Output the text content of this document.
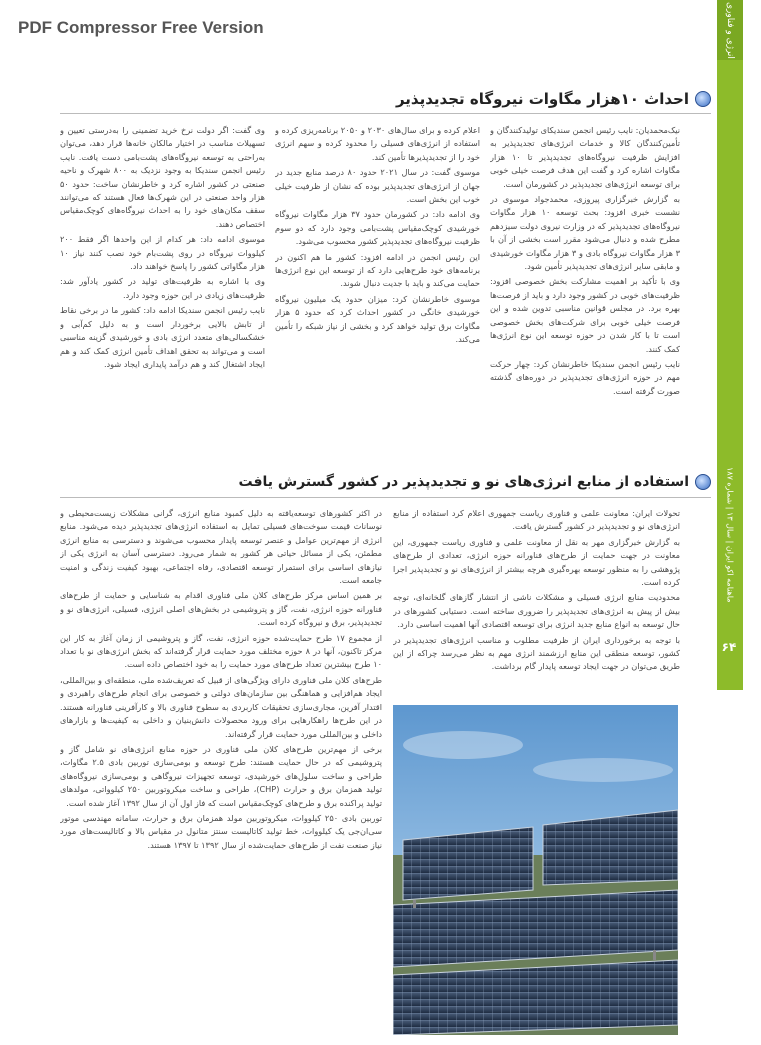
PDF Compressor Free Version	انرژی و فناوری
ماهنامه اکو ایران | سال ۱۳ | شماره ۱۸۷
۶۴
احداث ۱۰هزار مگاوات نیروگاه تجدیدپذیر

نیک‌محمدیان: نایب رئیس انجمن سندیکای تولیدکنندگان و تأمین‌کنندگان کالا و خدمات انرژی‌های تجدیدپذیر به افزایش ظرفیت نیروگاه‌های تجدیدپذیر تا ۱۰ هزار مگاوات اشاره کرد و گفت این هدف فرصت خیلی خوبی برای توسعه انرژی‌های تجدیدپذیر در کشورمان است.

به گزارش خبرگزاری پیروزی، محمدجواد موسوی در نشست خبری افزود: بحث توسعه ۱۰ هزار مگاوات نیروگاه‌های تجدیدپذیر که در وزارت نیروی دولت سیزدهم مطرح شده و دنبال می‌شود مقرر است بخشی از آن با ۳ هزار مگاوات نیروگاه بادی و ۳ هزار مگاوات خورشیدی و مابقی سایر انرژی‌های تجدیدپذیر تأمین شود.

وی با تأکید بر اهمیت مشارکت بخش خصوصی افزود: ظرفیت‌های خوبی در کشور وجود دارد و باید از فرصت‌ها بهره برد. در مجلس قوانین مناسبی تدوین شده و این فرصت خیلی خوبی برای شرکت‌های بخش خصوصی است تا با کار شدن در حوزه توسعه این نوع انرژی‌ها کمک کنند.

نایب رئیس انجمن سندیکا خاطرنشان کرد: چهار حرکت مهم در حوزه انرژی‌های تجدیدپذیر در دوره‌های گذشته صورت گرفته است.

اعلام کرده و برای سال‌های ۲۰۳۰ و ۲۰۵۰ برنامه‌ریزی کرده و استفاده از انرژی‌های فسیلی را محدود کرده و سهم انرژی خود را از تجدیدپذیرها تأمین کند.

موسوی گفت: در سال ۲۰۲۱ حدود ۸۰ درصد منابع جدید در جهان از انرژی‌های تجدیدپذیر بوده که نشان از ظرفیت خیلی خوب این بخش است.

وی ادامه داد: در کشورمان حدود ۳۷ هزار مگاوات نیروگاه خورشیدی کوچک‌مقیاس پشت‌بامی وجود دارد که دو سوم ظرفیت نیروگاه‌های تجدیدپذیر کشور محسوب می‌شود.

این رئیس انجمن در ادامه افزود: کشور ما هم اکنون در برنامه‌های خود طرح‌هایی دارد که از توسعه این نوع انرژی‌ها حمایت می‌کند و باید با جدیت دنبال شوند.

موسوی خاطرنشان کرد: میزان حدود یک میلیون نیروگاه خورشیدی خانگی در کشور احداث کرد که حدود ۵ هزار مگاوات برق تولید خواهد کرد و بخشی از نیاز شبکه را تأمین می‌کند.

وی گفت: اگر دولت نرخ خرید تضمینی را به‌درستی تعیین و تسهیلات مناسب در اختیار مالکان خانه‌ها قرار دهد، می‌توان به‌راحتی به توسعه نیروگاه‌های پشت‌بامی دست یافت. نایب رئیس انجمن سندیکا به وجود نزدیک به ۸۰۰ شهرک و ناحیه صنعتی در کشور اشاره کرد و خاطرنشان ساخت: حدود ۵۰ هزار واحد صنعتی در این شهرک‌ها فعال هستند که می‌توانند سقف مکان‌های خود را به احداث نیروگاه‌های کوچک‌مقیاس اختصاص دهند.

موسوی ادامه داد: هر کدام از این واحدها اگر فقط ۲۰۰ کیلووات نیروگاه در روی پشت‌بام خود نصب کنند نیاز ۱۰ هزار مگاواتی کشور را پاسخ خواهند داد.

وی با اشاره به ظرفیت‌های تولید در کشور یادآور شد: ظرفیت‌های زیادی در این حوزه وجود دارد.

نایب رئیس انجمن سندیکا ادامه داد: کشور ما در برخی نقاط از تابش بالایی برخوردار است و به دلیل کم‌آبی و خشکسالی‌های متعدد انرژی بادی و خورشیدی گزینه مناسبی است و می‌تواند به تحقق اهداف تأمین انرژی کمک کند و هم ایجاد اشتغال کند و هم درآمد پایداری ایجاد شود.

استفاده از منابع انرژی‌های نو و تجدیدپذیر در کشور گسترش یافت

تحولات ایران: معاونت علمی و فناوری ریاست جمهوری اعلام کرد استفاده از منابع انرژی‌های نو و تجدیدپذیر در کشور گسترش یافت.

به گزارش خبرگزاری مهر به نقل از معاونت علمی و فناوری ریاست جمهوری، این معاونت در جهت حمایت از طرح‌های فناورانه حوزه انرژی، تعدادی از طرح‌های پژوهشی را به منظور توسعه بهره‌گیری هرچه بیشتر از انرژی‌های نو و تجدیدپذیر اجرا کرده است.

محدودیت منابع انرژی فسیلی و مشکلات ناشی از انتشار گازهای گلخانه‌ای، توجه بیش از پیش به انرژی‌های تجدیدپذیر را ضروری ساخته است. دستیابی کشورهای در حال توسعه به انواع منابع جدید انرژی برای توسعه اقتصادی آنها اهمیت اساسی دارد.

با توجه به برخورداری ایران از ظرفیت مطلوب و مناسب انرژی‌های تجدیدپذیر در کشور، توسعه منطقی این منابع ارزشمند انرژی مهم به نظر می‌رسد چراکه از این طریق می‌توان در جهت ایجاد توسعه پایدار گام برداشت.

در اکثر کشورهای توسعه‌یافته به دلیل کمبود منابع انرژی، گرانی مشکلات زیست‌محیطی و نوسانات قیمت سوخت‌های فسیلی تمایل به استفاده انرژی‌های تجدیدپذیر دیده می‌شود. منابع انرژی از مهم‌ترین عوامل و عنصر توسعه پایدار محسوب می‌شوند و دسترسی به منابع انرژی مطمئن، یکی از مسائل حیاتی هر کشور به شمار می‌رود. دسترسی آسان به انرژی یکی از نیازهای اساسی برای استمرار توسعه اقتصادی، رفاه اجتماعی، بهبود کیفیت زندگی و امنیت جامعه است.

بر همین اساس مرکز طرح‌های کلان ملی فناوری اقدام به شناسایی و حمایت از طرح‌های فناورانه حوزه انرژی، نفت، گاز و پتروشیمی در بخش‌های اصلی انرژی، فسیلی، انرژی‌های نو و تجدیدپذیر، برق و نیروگاه کرده است.

از مجموع ۱۷ طرح حمایت‌شده حوزه انرژی، نفت، گاز و پتروشیمی از زمان آغاز به کار این مرکز تاکنون، آنها در ۸ حوزه مختلف مورد حمایت قرار گرفته‌اند که بخش انرژی‌های نو با تعداد ۱۰ طرح بیشترین تعداد طرح‌های مورد حمایت را به خود اختصاص داده است.

طرح‌های کلان ملی فناوری دارای ویژگی‌های از قبیل که تعریف‌شده ملی، منطقه‌ای و بین‌المللی، ایجاد هم‌افزایی و هماهنگی بین سازمان‌های دولتی و خصوصی برای انجام طرح‌های راهبردی و اقتدار آفرین، مجاری‌سازی تحقیقات کاربردی به سطوح فناوری بالا و کارآفرینی فناورانه هستند. در این طرح‌ها راهکارهایی برای ورود محصولات دانش‌بنیان و داخلی به کیفیت‌ها و بازارهای داخلی و بین‌المللی مورد حمایت قرار گرفته‌اند.

برخی از مهم‌ترین طرح‌های کلان ملی فناوری در حوزه منابع انرژی‌های نو شامل گاز و پتروشیمی که در حال حمایت هستند: طرح توسعه و بومی‌سازی توربین بادی ۲.۵ مگاوات، طراحی و ساخت سلول‌های خورشیدی، توسعه تجهیزات نیروگاهی و بومی‌سازی نیروگاه‌های تولید همزمان برق و حرارت (CHP)، طراحی و ساخت میکروتوربین ۲۵۰ کیلوواتی، مولدهای تولید پراکنده برق و طرح‌های کوچک‌مقیاس است که فاز اول آن از سال ۱۳۹۲ آغاز شده است.

توربین بادی ۲۵۰ کیلووات، میکروتوربین مولد همزمان برق و حرارت، سامانه مهندسی موتور سی‌ان‌جی یک کیلووات، خط تولید کاتالیست سنتز متانول در مقیاس بالا و کاتالیست‌های مورد نیاز صنعت نفت از طرح‌های حمایت‌شده از سال ۱۳۹۲ تا ۱۳۹۷ هستند.
